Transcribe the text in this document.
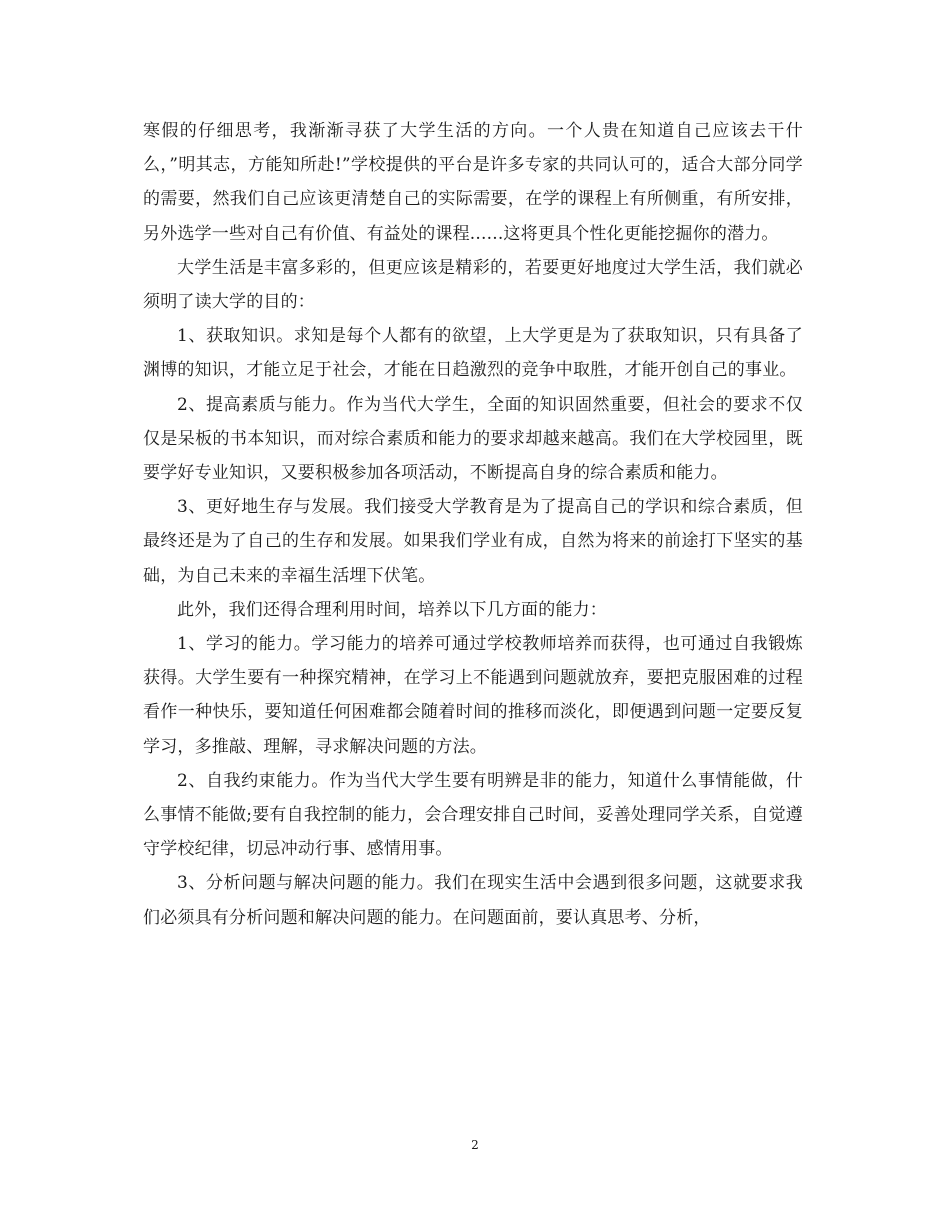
寒假的仔细思考，我渐渐寻获了大学生活的方向。一个人贵在知道自己应该去干什么，”明其志，方能知所赴!”学校提供的平台是许多专家的共同认可的，适合大部分同学的需要，然我们自己应该更清楚自己的实际需要，在学的课程上有所侧重，有所安排，另外选学一些对自己有价值、有益处的课程......这将更具个性化更能挖掘你的潜力。

大学生活是丰富多彩的，但更应该是精彩的，若要更好地度过大学生活，我们就必须明了读大学的目的：

1、获取知识。求知是每个人都有的欲望，上大学更是为了获取知识，只有具备了渊博的知识，才能立足于社会，才能在日趋激烈的竞争中取胜，才能开创自己的事业。

2、提高素质与能力。作为当代大学生，全面的知识固然重要，但社会的要求不仅仅是呆板的书本知识，而对综合素质和能力的要求却越来越高。我们在大学校园里，既要学好专业知识，又要积极参加各项活动，不断提高自身的综合素质和能力。

3、更好地生存与发展。我们接受大学教育是为了提高自己的学识和综合素质，但最终还是为了自己的生存和发展。如果我们学业有成，自然为将来的前途打下坚实的基础，为自己未来的幸福生活埋下伏笔。

此外，我们还得合理利用时间，培养以下几方面的能力：

1、学习的能力。学习能力的培养可通过学校教师培养而获得，也可通过自我锻炼获得。大学生要有一种探究精神，在学习上不能遇到问题就放弃，要把克服困难的过程看作一种快乐，要知道任何困难都会随着时间的推移而淡化，即便遇到问题一定要反复学习，多推敲、理解，寻求解决问题的方法。

2、自我约束能力。作为当代大学生要有明辨是非的能力，知道什么事情能做，什么事情不能做;要有自我控制的能力，会合理安排自己时间，妥善处理同学关系，自觉遵守学校纪律，切忌冲动行事、感情用事。

3、分析问题与解决问题的能力。我们在现实生活中会遇到很多问题，这就要求我们必须具有分析问题和解决问题的能力。在问题面前，要认真思考、分析，

2
